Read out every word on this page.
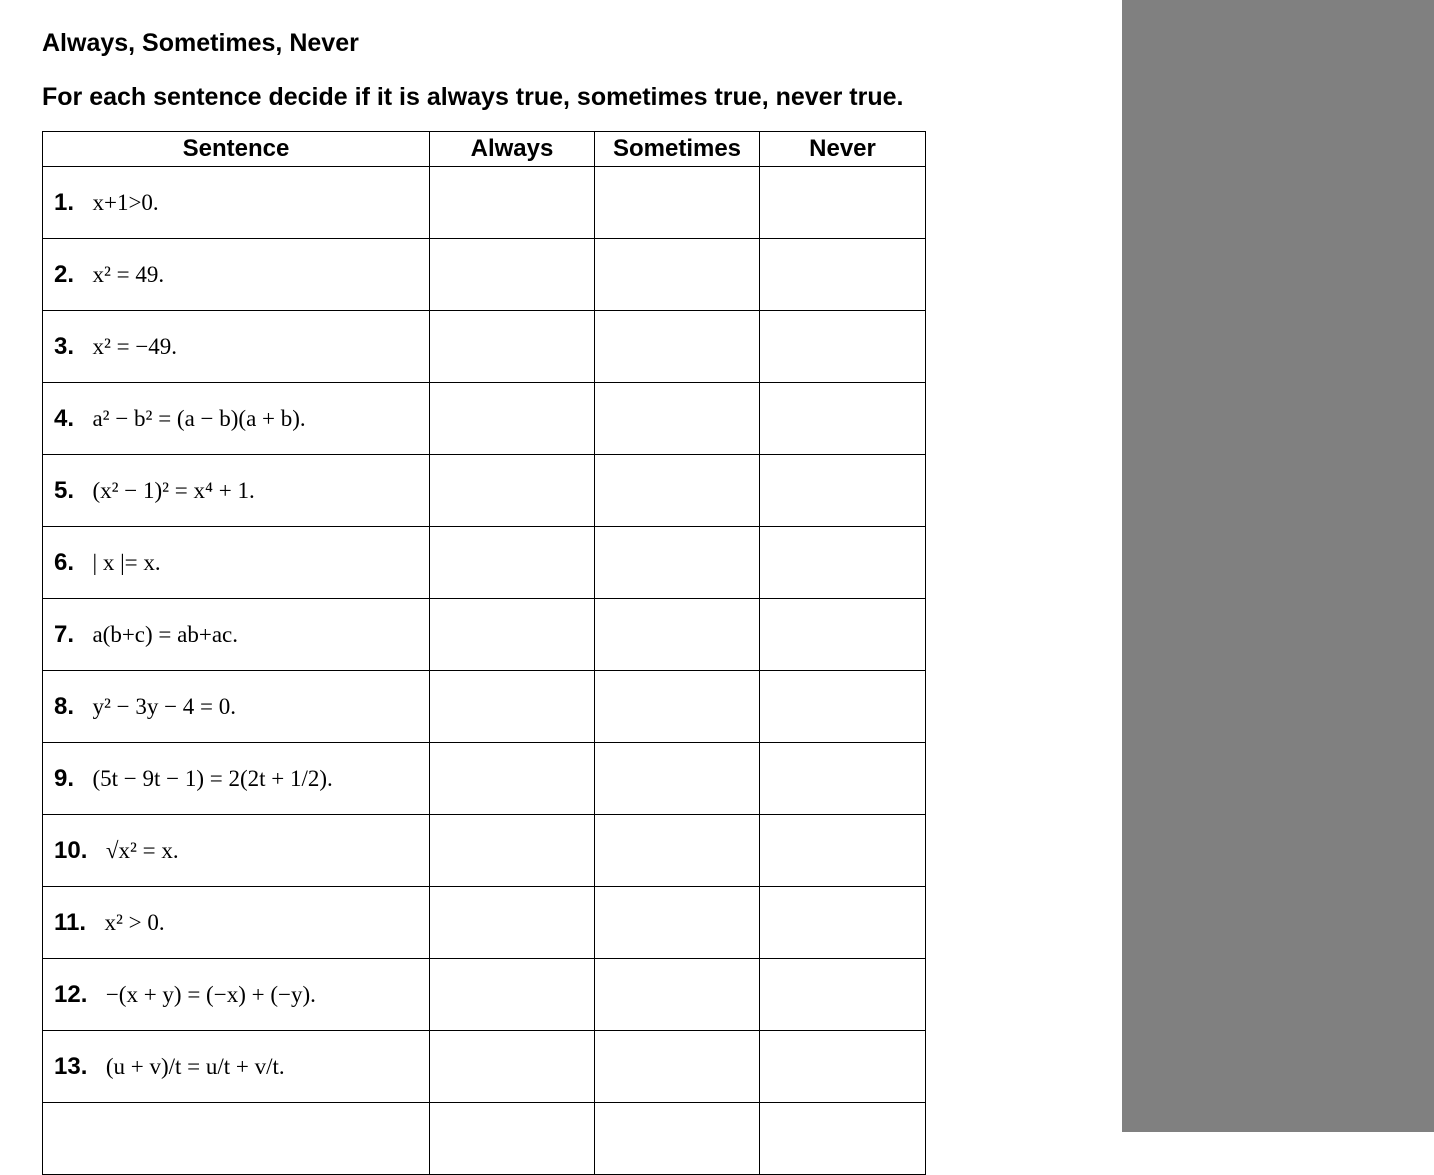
Always, Sometimes, Never
For each sentence decide if it is always true, sometimes true, never true.
Sentence	Always	Sometimes	Never
1. x+1>0.			
2. x² = 49.			
3. x² = −49.			
4. a² − b² = (a − b)(a + b).			
5. (x² − 1)² = x⁴ + 1.			
6. | x |= x.			
7. a(b+c) = ab+ac.			
8. y² − 3y − 4 = 0.			
9. (5t − 9t − 1) = 2(2t + 1/2).			
10. √x² = x.			
11. x² > 0.			
12. −(x + y) = (−x) + (−y).			
13. (u + v)/t = u/t + v/t.			
